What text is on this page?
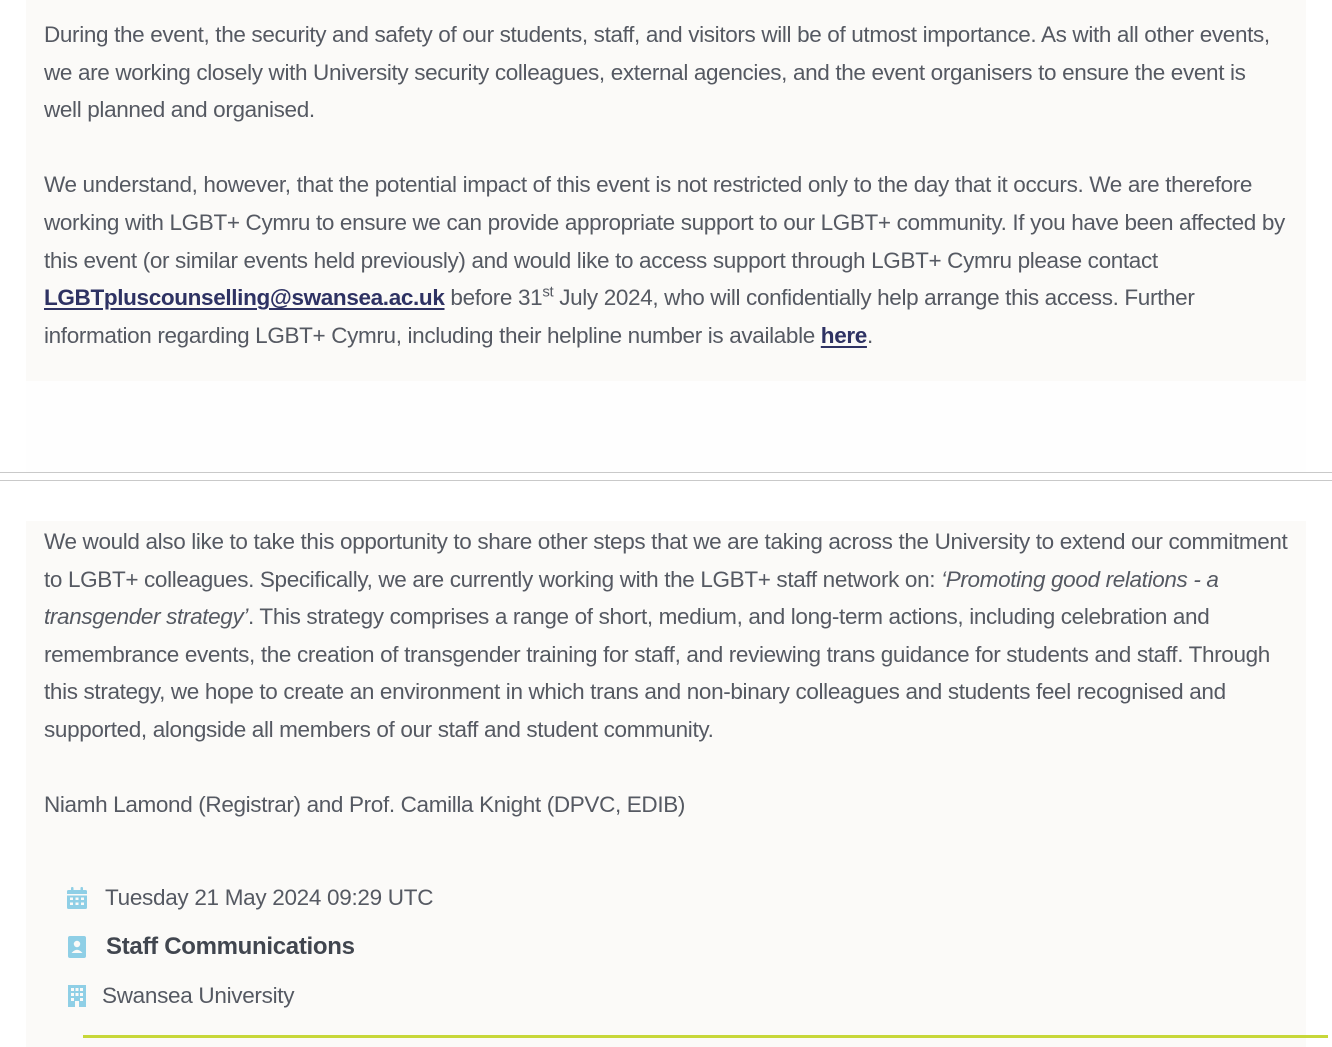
During the event, the security and safety of our students, staff, and visitors will be of utmost importance. As with all other events, we are working closely with University security colleagues, external agencies, and the event organisers to ensure the event is well planned and organised.

We understand, however, that the potential impact of this event is not restricted only to the day that it occurs. We are therefore working with LGBT+ Cymru to ensure we can provide appropriate support to our LGBT+ community. If you have been affected by this event (or similar events held previously) and would like to access support through LGBT+ Cymru please contact LGBTpluscounselling@swansea.ac.uk before 31st July 2024, who will confidentially help arrange this access. Further information regarding LGBT+ Cymru, including their helpline number is available here.

We would also like to take this opportunity to share other steps that we are taking across the University to extend our commitment to LGBT+ colleagues. Specifically, we are currently working with the LGBT+ staff network on: ‘Promoting good relations - a transgender strategy’. This strategy comprises a range of short, medium, and long-term actions, including celebration and remembrance events, the creation of transgender training for staff, and reviewing trans guidance for students and staff. Through this strategy, we hope to create an environment in which trans and non-binary colleagues and students feel recognised and supported, alongside all members of our staff and student community.

Niamh Lamond (Registrar) and Prof. Camilla Knight (DPVC, EDIB)

Tuesday 21 May 2024 09:29 UTC
Staff Communications
Swansea University
